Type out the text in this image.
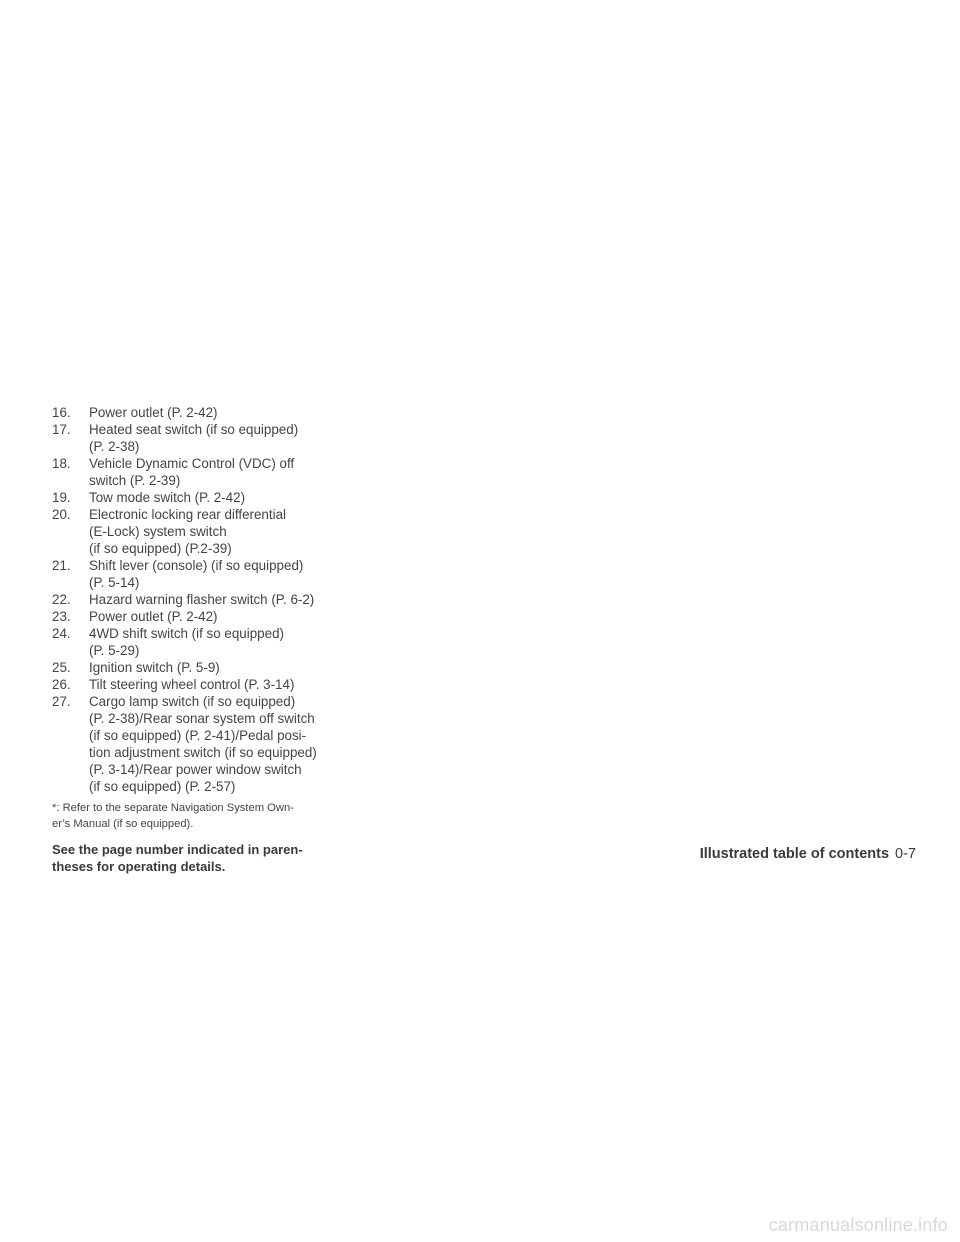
16.	Power outlet (P. 2-42)
17.	Heated seat switch (if so equipped)
(P. 2-38)
18.	Vehicle Dynamic Control (VDC) off
switch (P. 2-39)
19.	Tow mode switch (P. 2-42)
20.	Electronic locking rear differential
(E-Lock) system switch
(if so equipped) (P.2-39)
21.	Shift lever (console) (if so equipped)
(P. 5-14)
22.	Hazard warning flasher switch (P. 6-2)
23.	Power outlet (P. 2-42)
24.	4WD shift switch (if so equipped)
(P. 5-29)
25.	Ignition switch (P. 5-9)
26.	Tilt steering wheel control (P. 3-14)
27.	Cargo lamp switch (if so equipped)
(P. 2-38)/Rear sonar system off switch
(if so equipped) (P. 2-41)/Pedal posi-
tion adjustment switch (if so equipped)
(P. 3-14)/Rear power window switch
(if so equipped) (P. 2-57)
*: Refer to the separate Navigation System Own-
er’s Manual (if so equipped).
See the page number indicated in paren-
theses for operating details.
Illustrated table of contents 0-7
carmanualsonline.info
